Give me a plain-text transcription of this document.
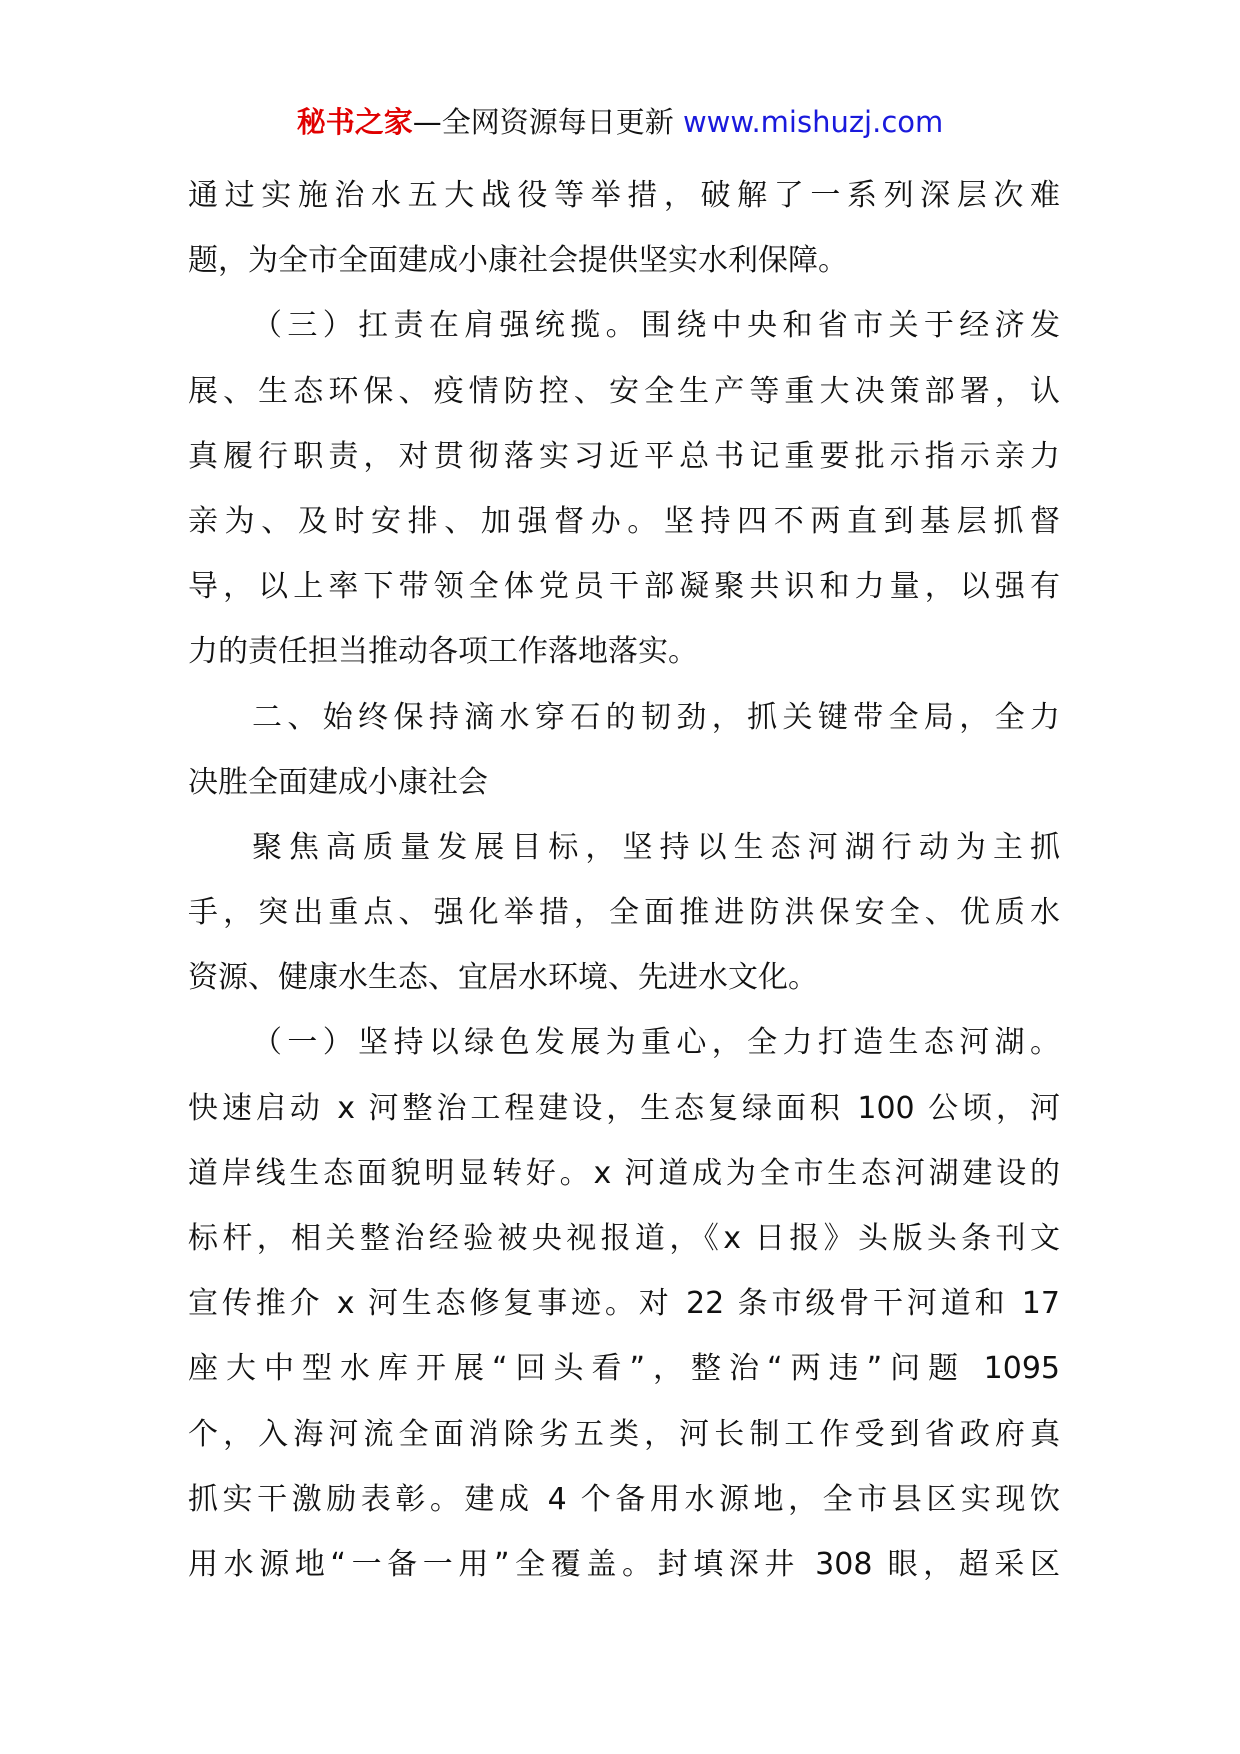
秘书之家—全网资源每日更新 www.mishuzj.com
通过实施治水五大战役等举措，破解了一系列深层次难
题，为全市全面建成小康社会提供坚实水利保障。
（三）扛责在肩强统揽。围绕中央和省市关于经济发
展、生态环保、疫情防控、安全生产等重大决策部署，认
真履行职责，对贯彻落实习近平总书记重要批示指示亲力
亲为、及时安排、加强督办。坚持四不两直到基层抓督
导，以上率下带领全体党员干部凝聚共识和力量，以强有
力的责任担当推动各项工作落地落实。
二、始终保持滴水穿石的韧劲，抓关键带全局，全力
决胜全面建成小康社会
聚焦高质量发展目标，坚持以生态河湖行动为主抓
手，突出重点、强化举措，全面推进防洪保安全、优质水
资源、健康水生态、宜居水环境、先进水文化。
（一）坚持以绿色发展为重心，全力打造生态河湖。
快速启动 x 河整治工程建设，生态复绿面积 100 公顷，河
道岸线生态面貌明显转好。x 河道成为全市生态河湖建设的
标杆，相关整治经验被央视报道，《x 日报》头版头条刊文
宣传推介 x 河生态修复事迹。对 22 条市级骨干河道和 17
座大中型水库开展“回头看”，整治“两违”问题 1095
个，入海河流全面消除劣五类，河长制工作受到省政府真
抓实干激励表彰。建成 4 个备用水源地，全市县区实现饮
用水源地“一备一用”全覆盖。封填深井 308 眼，超采区
